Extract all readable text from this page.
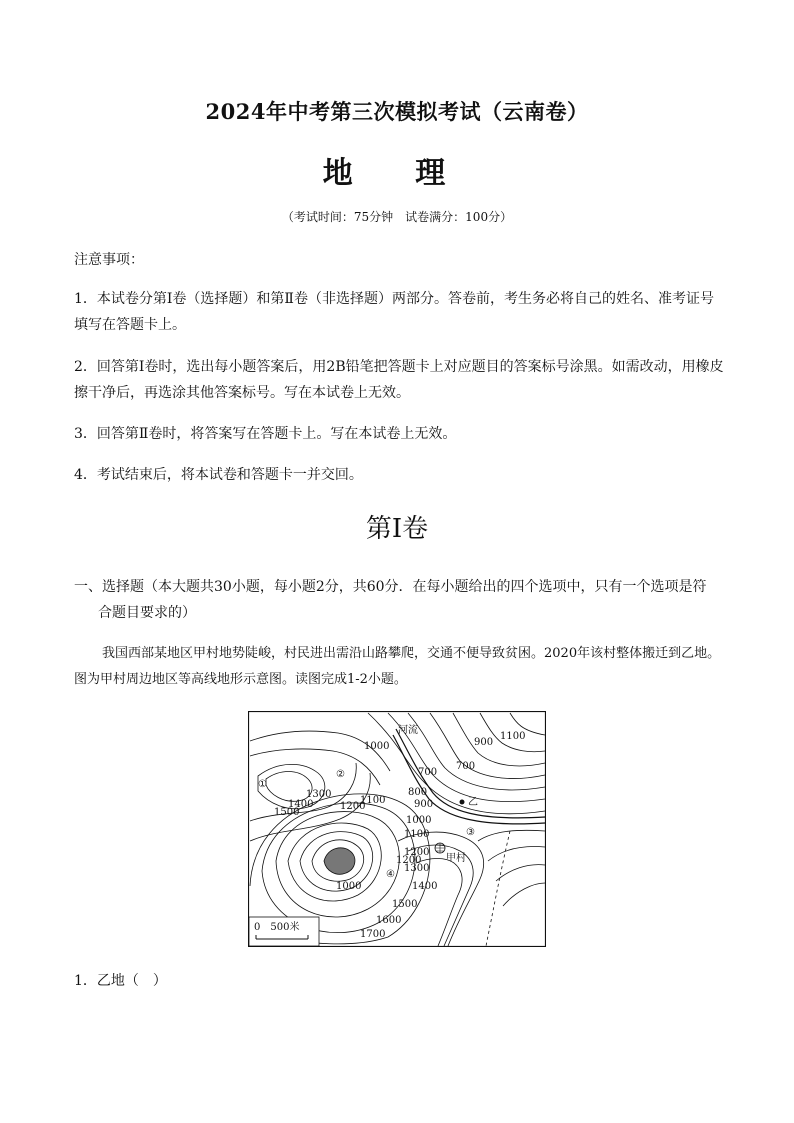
2024年中考第三次模拟考试（云南卷）
地 理
（考试时间：75分钟　试卷满分：100分）
注意事项：
1．本试卷分第Ⅰ卷（选择题）和第Ⅱ卷（非选择题）两部分。答卷前，考生务必将自己的姓名、准考证号填写在答题卡上。
2．回答第Ⅰ卷时，选出每小题答案后，用2B铅笔把答题卡上对应题目的答案标号涂黑。如需改动，用橡皮擦干净后，再选涂其他答案标号。写在本试卷上无效。
3．回答第Ⅱ卷时，将答案写在答题卡上。写在本试卷上无效。
4．考试结束后，将本试卷和答题卡一并交回。
第Ⅰ卷
一、选择题（本大题共30小题，每小题2分，共60分．在每小题给出的四个选项中，只有一个选项是符
合题目要求的）
我国西部某地区甲村地势陡峻，村民进出需沿山路攀爬，交通不便导致贫困。2020年该村整体搬迁到乙地。图为甲村周边地区等高线地形示意图。读图完成1-2小题。
1000	900
1100
700
700
800
900
1000
1100
1200
1300
1400
1500
1200
1100
1200
1300
1000	1400
1500
1600
1700
①
②
③
④
乙
甲村
河流
0　500米
1．乙地（　）
